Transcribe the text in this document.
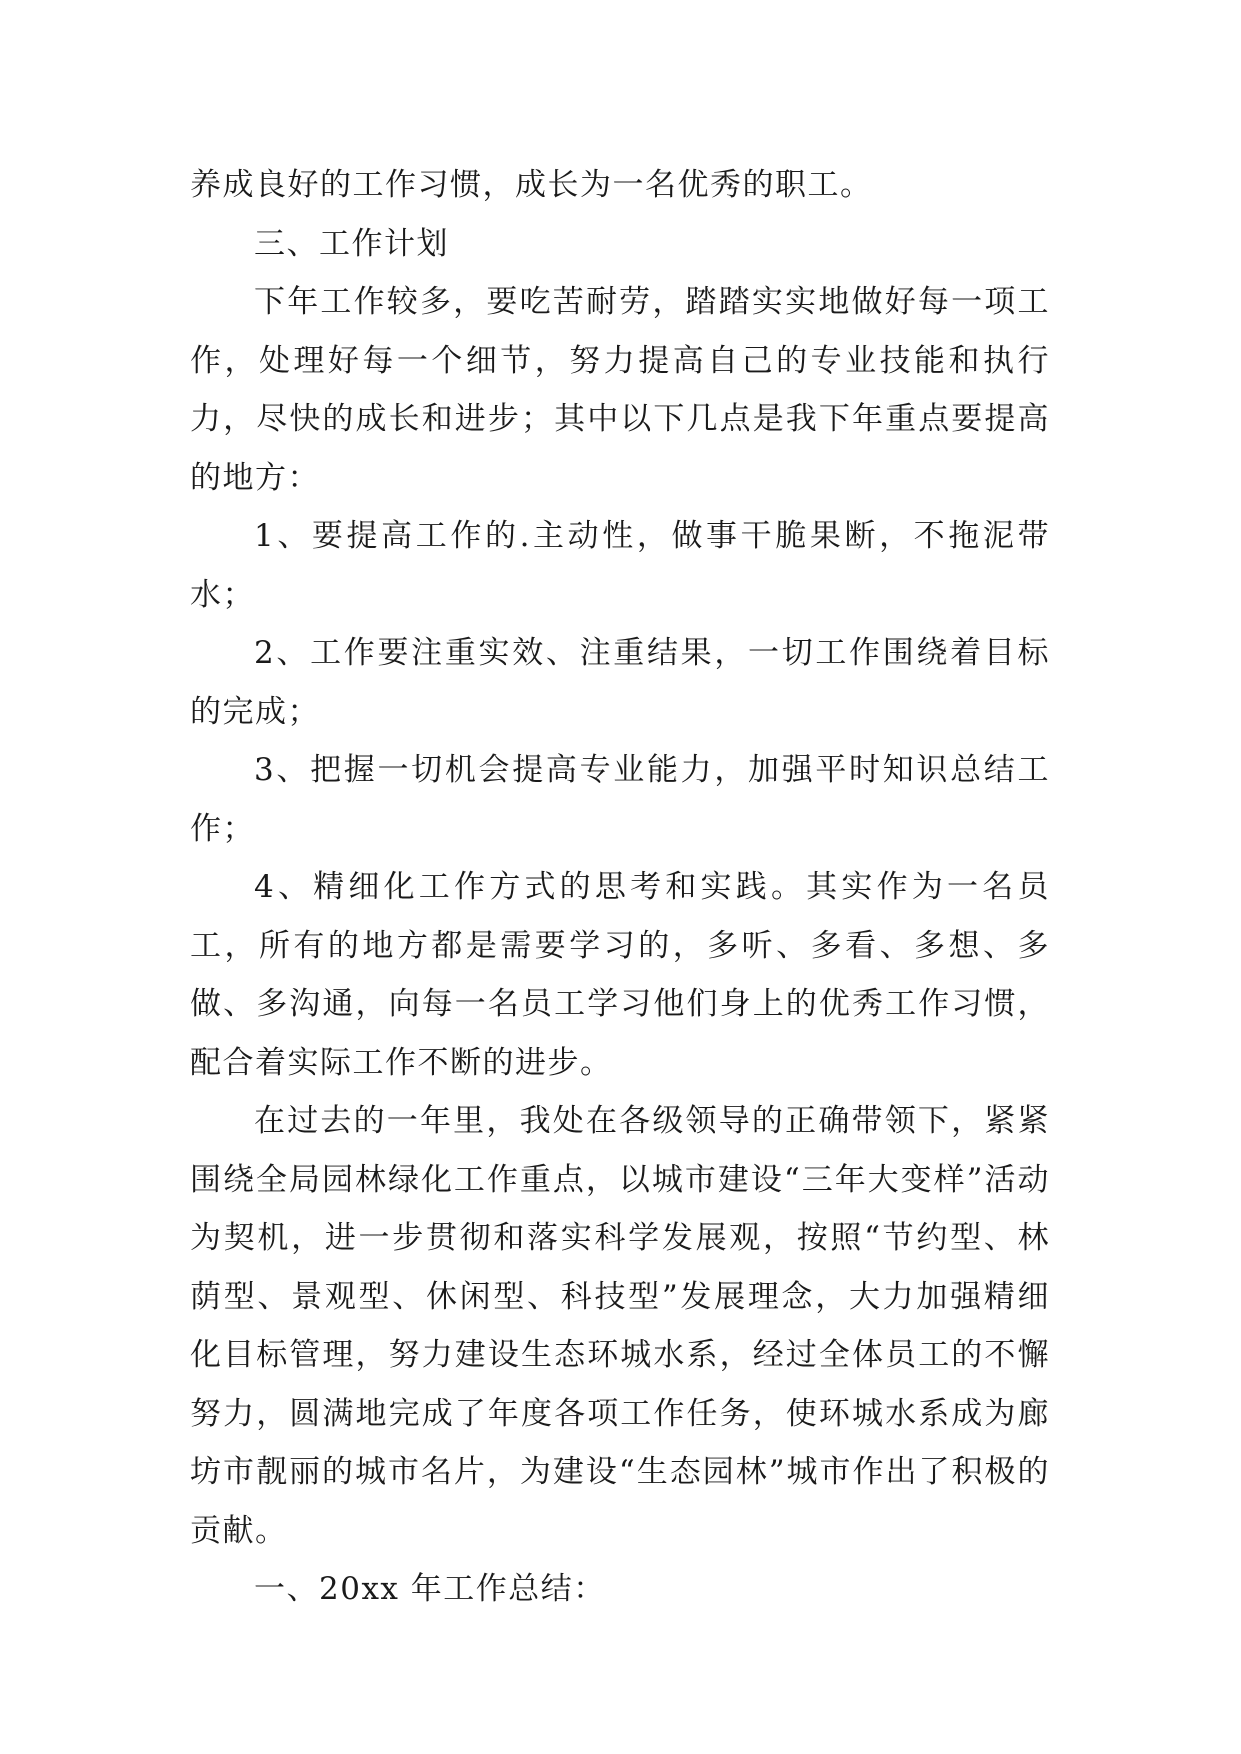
养成良好的工作习惯，成长为一名优秀的职工。

三、工作计划

下年工作较多，要吃苦耐劳，踏踏实实地做好每一项工作，处理好每一个细节，努力提高自己的专业技能和执行力，尽快的成长和进步；其中以下几点是我下年重点要提高的地方：

1、要提高工作的.主动性，做事干脆果断，不拖泥带水；

2、工作要注重实效、注重结果，一切工作围绕着目标的完成；

3、把握一切机会提高专业能力，加强平时知识总结工作；

4、精细化工作方式的思考和实践。其实作为一名员工，所有的地方都是需要学习的，多听、多看、多想、多做、多沟通，向每一名员工学习他们身上的优秀工作习惯，配合着实际工作不断的进步。

在过去的一年里，我处在各级领导的正确带领下，紧紧围绕全局园林绿化工作重点，以城市建设“三年大变样”活动为契机，进一步贯彻和落实科学发展观，按照“节约型、林荫型、景观型、休闲型、科技型”发展理念，大力加强精细化目标管理，努力建设生态环城水系，经过全体员工的不懈努力，圆满地完成了年度各项工作任务，使环城水系成为廊坊市靓丽的城市名片，为建设“生态园林”城市作出了积极的贡献。

一、20xx 年工作总结：
